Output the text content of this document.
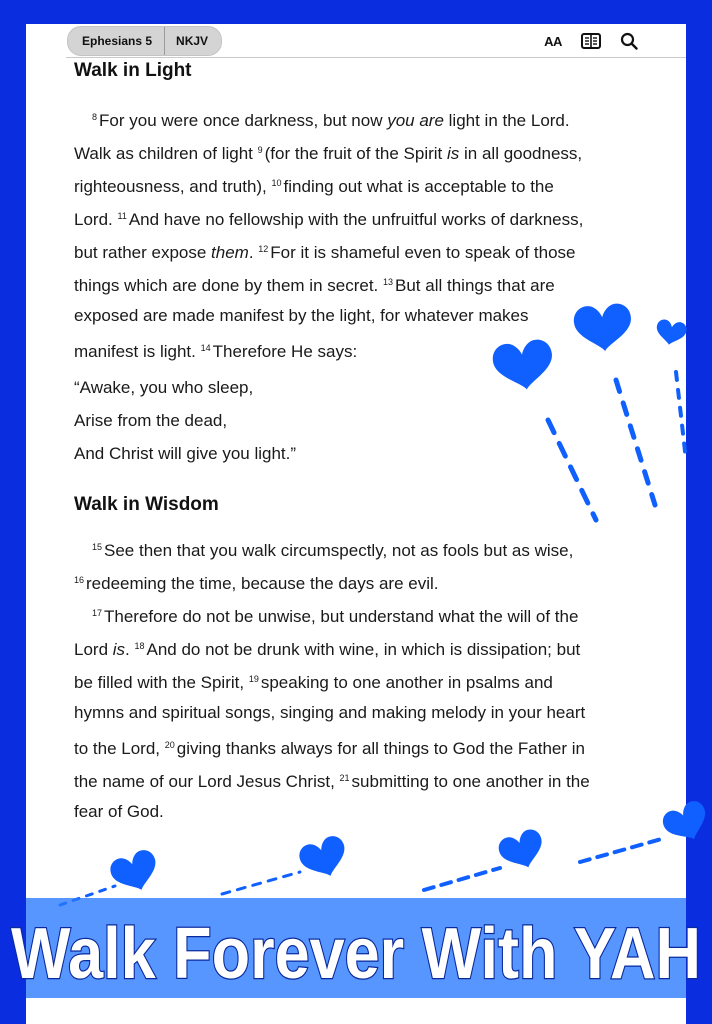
Ephesians 5	NKJV	AA
Walk in Light

$^8$ For you were once darkness, but now you are light in the Lord.

Walk as children of light $^9$ (for the fruit of the Spirit is in all goodness,

righteousness, and truth), $^{10}$ finding out what is acceptable to the

Lord. $^{11}$ And have no fellowship with the unfruitful works of darkness,

but rather expose them. $^{12}$ For it is shameful even to speak of those

things which are done by them in secret. $^{13}$ But all things that are

exposed are made manifest by the light, for whatever makes

manifest is light. $^{14}$ Therefore He says:

“Awake, you who sleep,

Arise from the dead,

And Christ will give you light.”

Walk in Wisdom

$^{15}$ See then that you walk circumspectly, not as fools but as wise,

$^{16}$ redeeming the time, because the days are evil.

$^{17}$ Therefore do not be unwise, but understand what the will of the

Lord is. $^{18}$ And do not be drunk with wine, in which is dissipation; but

be filled with the Spirit, $^{19}$ speaking to one another in psalms and

hymns and spiritual songs, singing and making melody in your heart

to the Lord, $^{20}$ giving thanks always for all things to God the Father in

the name of our Lord Jesus Christ, $^{21}$ submitting to one another in the

fear of God.

Walk Forever With YAH
